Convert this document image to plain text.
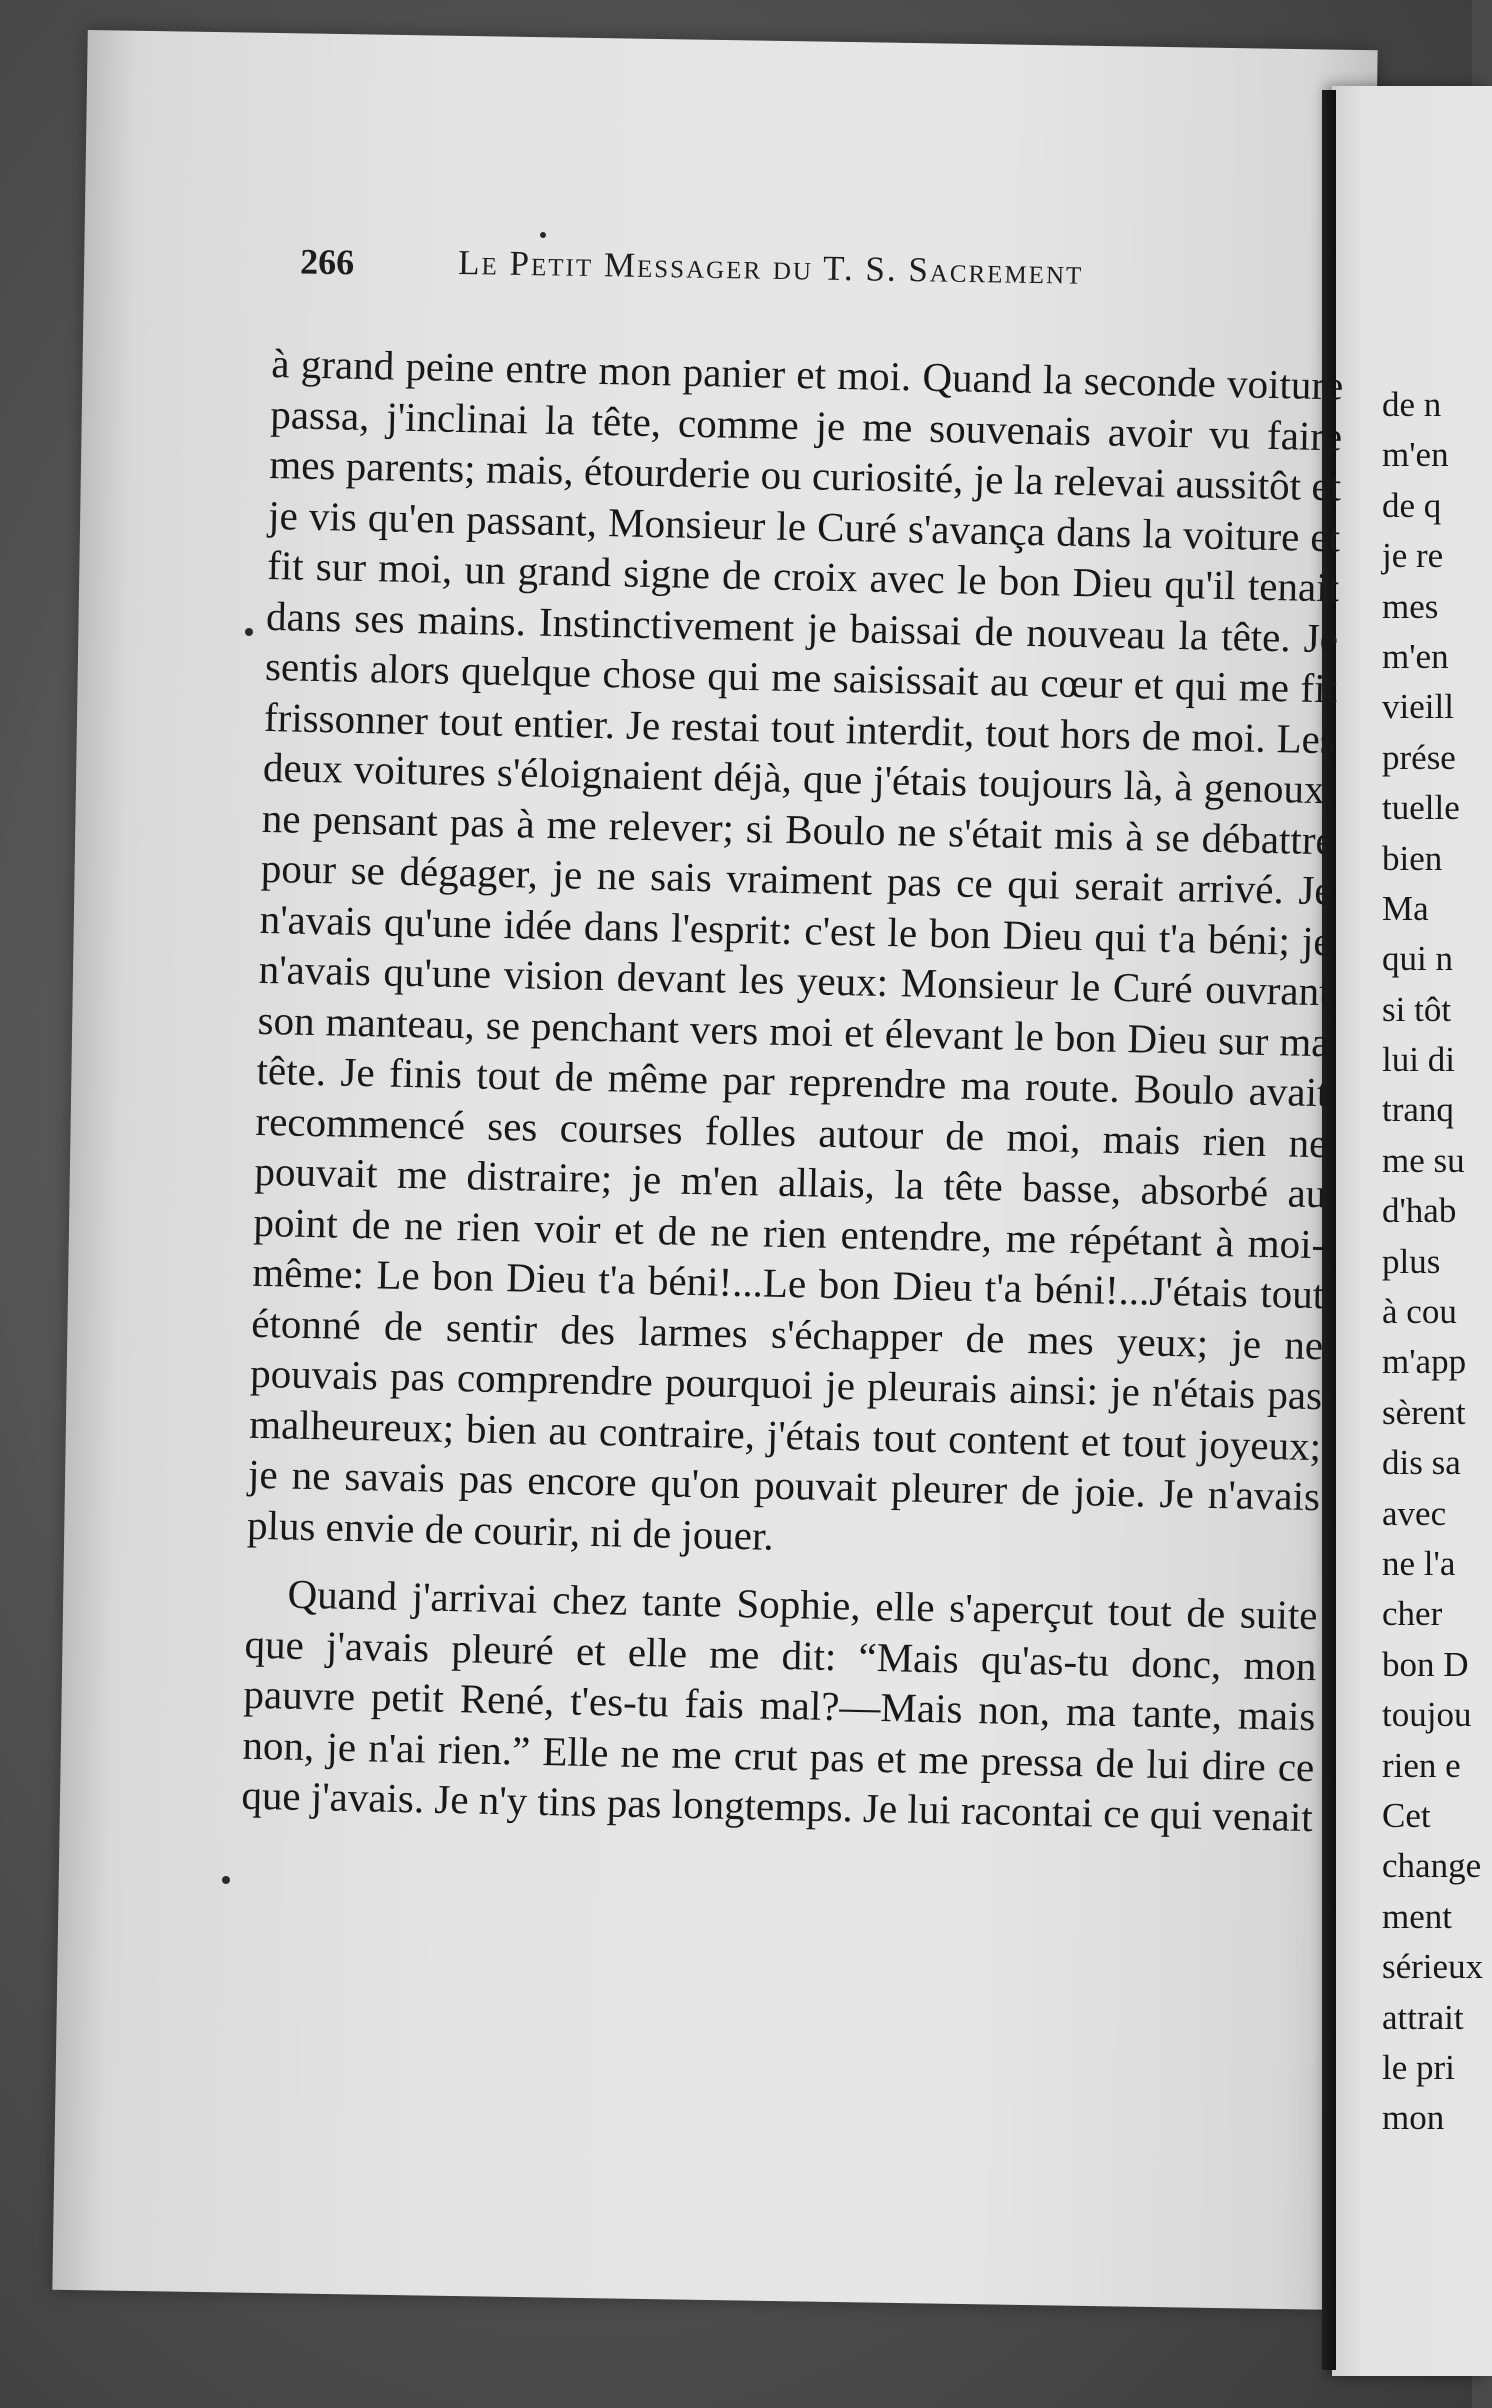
266	Le Petit Messager du T. S. Sacrement

à grand peine entre mon panier et moi. Quand la seconde voiture passa, j'inclinai la tête, comme je me souvenais avoir vu faire mes parents; mais, étourderie ou curiosité, je la relevai aussitôt et je vis qu'en passant, Monsieur le Curé s'avança dans la voiture et fit sur moi, un grand signe de croix avec le bon Dieu qu'il tenait dans ses mains. Instinctivement je baissai de nouveau la tête. Je sentis alors quelque chose qui me saisissait au cœur et qui me fit frissonner tout entier. Je restai tout interdit, tout hors de moi. Les deux voitures s'éloignaient déjà, que j'étais toujours là, à genoux, ne pensant pas à me relever; si Boulo ne s'était mis à se débattre pour se dégager, je ne sais vraiment pas ce qui serait arrivé. Je n'avais qu'une idée dans l'esprit: c'est le bon Dieu qui t'a béni; je n'avais qu'une vision devant les yeux: Monsieur le Curé ouvrant son manteau, se penchant vers moi et élevant le bon Dieu sur ma tête. Je finis tout de même par reprendre ma route. Boulo avait recommencé ses courses folles autour de moi, mais rien ne pouvait me distraire; je m'en allais, la tête basse, absorbé au point de ne rien voir et de ne rien entendre, me répétant à moi-même: Le bon Dieu t'a béni!...Le bon Dieu t'a béni!...J'étais tout étonné de sentir des larmes s'échapper de mes yeux; je ne pouvais pas comprendre pourquoi je pleurais ainsi: je n'étais pas malheureux; bien au contraire, j'étais tout content et tout joyeux; je ne savais pas encore qu'on pouvait pleurer de joie. Je n'avais plus envie de courir, ni de jouer.

Quand j'arrivai chez tante Sophie, elle s'aperçut tout de suite que j'avais pleuré et elle me dit: “Mais qu'as-tu donc, mon pauvre petit René, t'es-tu fais mal?—Mais non, ma tante, mais non, je n'ai rien.” Elle ne me crut pas et me pressa de lui dire ce que j'avais. Je n'y tins pas longtemps. Je lui racontai ce qui venait

de n
m'en
de q
je re
mes
m'en
vieill
prése
tuelle
bien
Ma
qui n
si tôt
lui di
tranq
me su
d'hab
plus
à cou
m'app
sèrent
dis sa
avec
ne l'a
cher
bon D
toujou
rien e
Cet
change
ment
sérieux
attrait
le pri
mon
